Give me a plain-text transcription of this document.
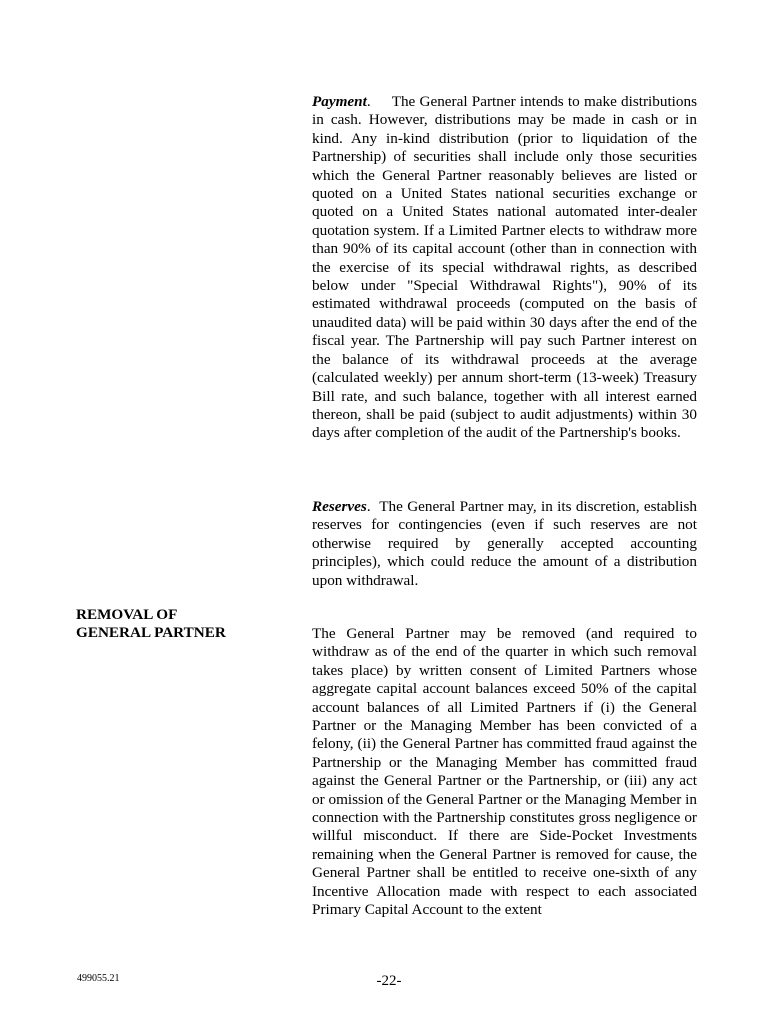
Payment.     The General Partner intends to make distributions in cash. However, distributions may be made in cash or in kind. Any in-kind distribution (prior to liquidation of the Partnership) of securities shall include only those securities which the General Partner reasonably believes are listed or quoted on a United States national securities exchange or quoted on a United States national automated inter-dealer quotation system. If a Limited Partner elects to withdraw more than 90% of its capital account (other than in connection with the exercise of its special withdrawal rights, as described below under "Special Withdrawal Rights"), 90% of its estimated withdrawal proceeds (computed on the basis of unaudited data) will be paid within 30 days after the end of the fiscal year. The Partnership will pay such Partner interest on the balance of its withdrawal proceeds at the average (calculated weekly) per annum short-term (13-week) Treasury Bill rate, and such balance, together with all interest earned thereon, shall be paid (subject to audit adjustments) within 30 days after completion of the audit of the Partnership's books.

Reserves.  The General Partner may, in its discretion, establish reserves for contingencies (even if such reserves are not otherwise required by generally accepted accounting principles), which could reduce the amount of a distribution upon withdrawal.

REMOVAL OF
GENERAL PARTNER	The General Partner may be removed (and required to withdraw as of the end of the quarter in which such removal takes place) by written consent of Limited Partners whose aggregate capital account balances exceed 50% of the capital account balances of all Limited Partners if (i) the General Partner or the Managing Member has been convicted of a felony, (ii) the General Partner has committed fraud against the Partnership or the Managing Member has committed fraud against the General Partner or the Partnership, or (iii) any act or omission of the General Partner or the Managing Member in connection with the Partnership constitutes gross negligence or willful misconduct. If there are Side-Pocket Investments remaining when the General Partner is removed for cause, the General Partner shall be entitled to receive one-sixth of any Incentive Allocation made with respect to each associated Primary Capital Account to the extent

499055.21	-22-
